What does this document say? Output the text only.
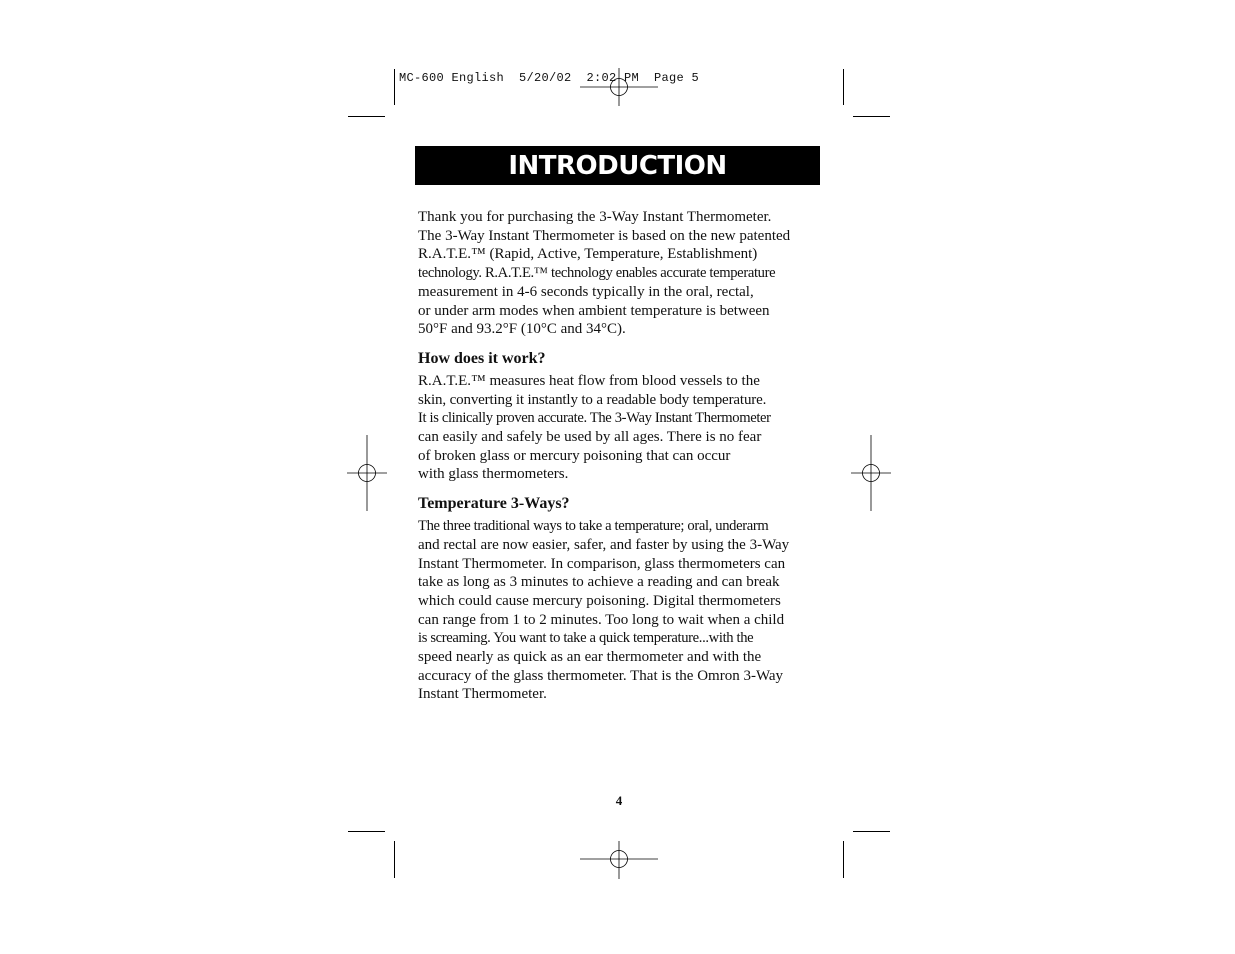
MC-600 English  5/20/02  2:02 PM  Page 5
INTRODUCTION

Thank you for purchasing the 3-Way Instant Thermometer.
The 3-Way Instant Thermometer is based on the new patented
R.A.T.E.™ (Rapid, Active, Temperature, Establishment)
technology. R.A.T.E.™ technology enables accurate temperature
measurement in 4-6 seconds typically in the oral, rectal,
or under arm modes when ambient temperature is between
50°F and 93.2°F (10°C and 34°C).

How does it work?

R.A.T.E.™ measures heat flow from blood vessels to the
skin, converting it instantly to a readable body temperature.
It is clinically proven accurate. The 3-Way Instant Thermometer
can easily and safely be used by all ages. There is no fear
of broken glass or mercury poisoning that can occur
with glass thermometers.

Temperature 3-Ways?

The three traditional ways to take a temperature; oral, underarm
and rectal are now easier, safer, and faster by using the 3-Way
Instant Thermometer. In comparison, glass thermometers can
take as long as 3 minutes to achieve a reading and can break
which could cause mercury poisoning. Digital thermometers
can range from 1 to 2 minutes. Too long to wait when a child
is screaming. You want to take a quick temperature...with the
speed nearly as quick as an ear thermometer and with the
accuracy of the glass thermometer. That is the Omron 3-Way
Instant Thermometer.

4
